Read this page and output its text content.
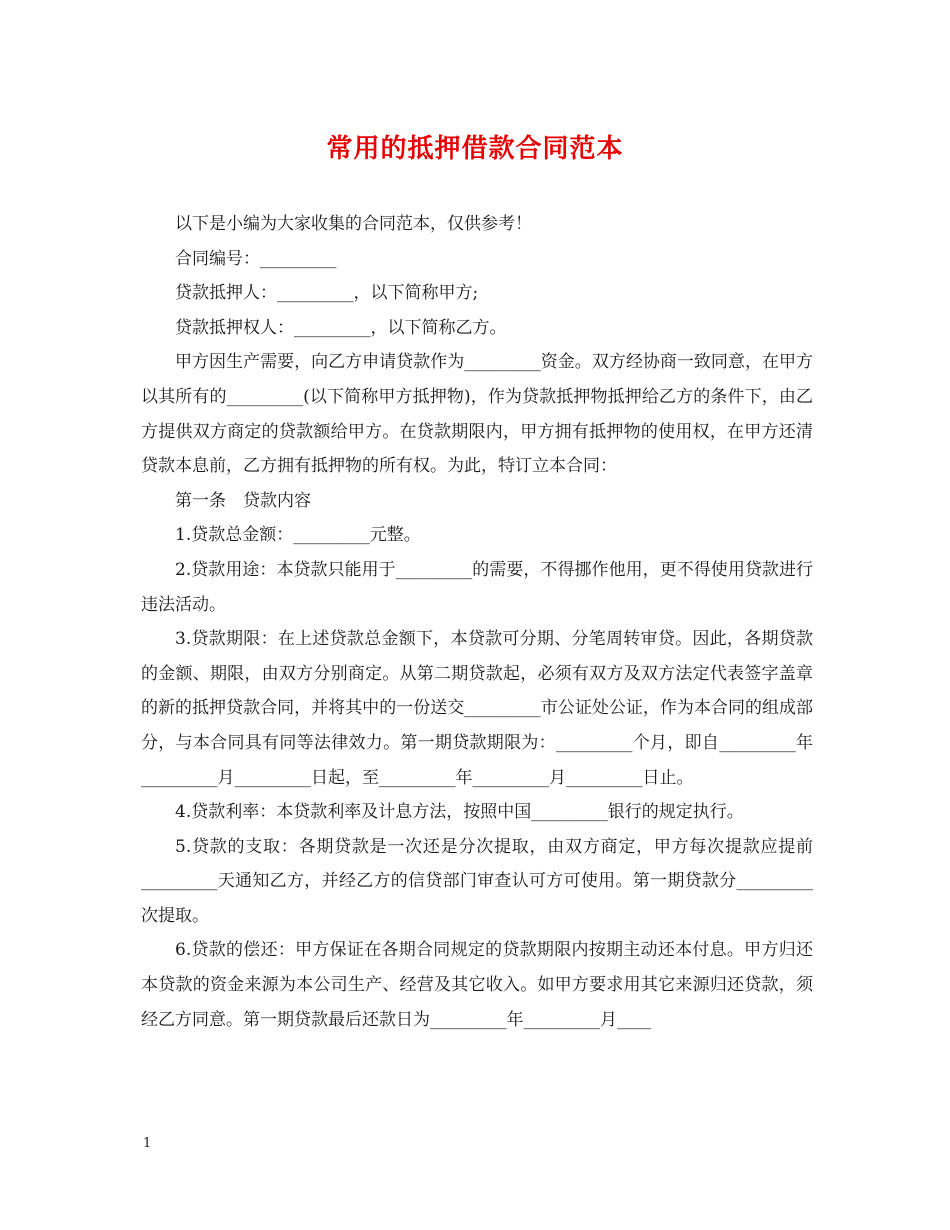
常用的抵押借款合同范本

以下是小编为大家收集的合同范本，仅供参考！

合同编号：_________

贷款抵押人：_________，以下简称甲方;

贷款抵押权人：_________，以下简称乙方。

甲方因生产需要，向乙方申请贷款作为_________资金。双方经协商一致同意，在甲方以其所有的_________(以下简称甲方抵押物)，作为贷款抵押物抵押给乙方的条件下，由乙方提供双方商定的贷款额给甲方。在贷款期限内，甲方拥有抵押物的使用权，在甲方还清贷款本息前，乙方拥有抵押物的所有权。为此，特订立本合同：

第一条　贷款内容

1.贷款总金额：_________元整。

2.贷款用途：本贷款只能用于_________的需要，不得挪作他用，更不得使用贷款进行违法活动。

3.贷款期限：在上述贷款总金额下，本贷款可分期、分笔周转审贷。因此，各期贷款的金额、期限，由双方分别商定。从第二期贷款起，必须有双方及双方法定代表签字盖章的新的抵押贷款合同，并将其中的一份送交_________市公证处公证，作为本合同的组成部分，与本合同具有同等法律效力。第一期贷款期限为：_________个月，即自_________年_________月_________日起，至_________年_________月_________日止。

4.贷款利率：本贷款利率及计息方法，按照中国_________银行的规定执行。

5.贷款的支取：各期贷款是一次还是分次提取，由双方商定，甲方每次提款应提前_________天通知乙方，并经乙方的信贷部门审查认可方可使用。第一期贷款分_________次提取。

6.贷款的偿还：甲方保证在各期合同规定的贷款期限内按期主动还本付息。甲方归还本贷款的资金来源为本公司生产、经营及其它收入。如甲方要求用其它来源归还贷款，须经乙方同意。第一期贷款最后还款日为_________年_________月____

1
